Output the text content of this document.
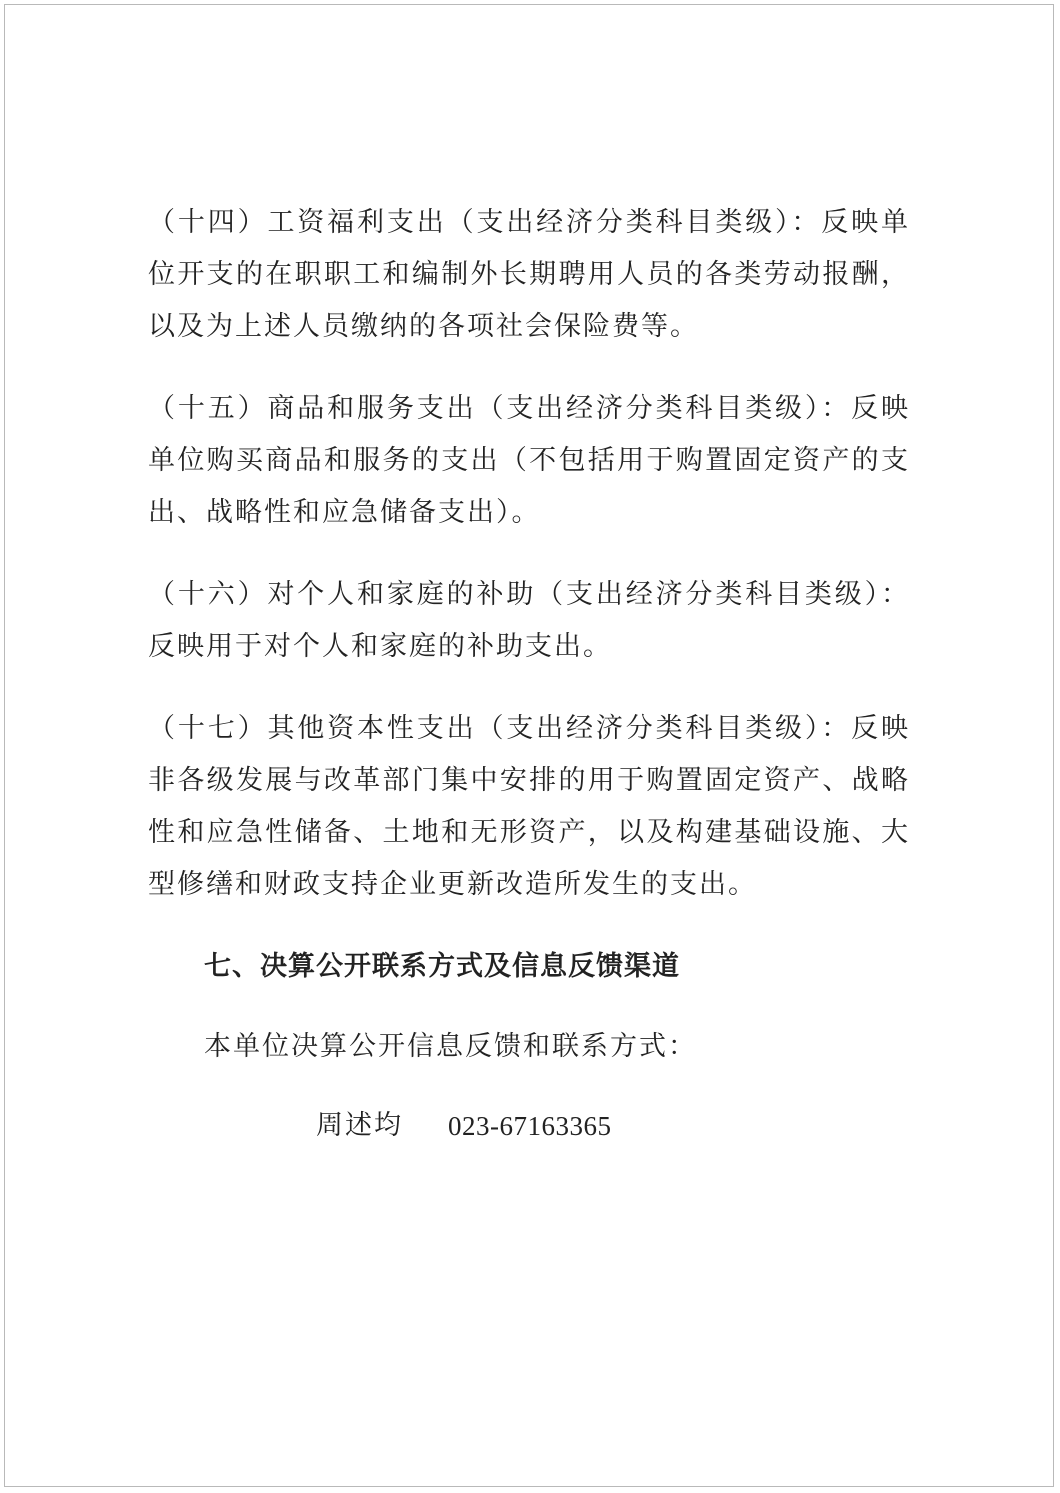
（十四）工资福利支出（支出经济分类科目类级）：反映单位开支的在职职工和编制外长期聘用人员的各类劳动报酬，以及为上述人员缴纳的各项社会保险费等。

（十五）商品和服务支出（支出经济分类科目类级）：反映单位购买商品和服务的支出（不包括用于购置固定资产的支出、战略性和应急储备支出）。

（十六）对个人和家庭的补助（支出经济分类科目类级）：反映用于对个人和家庭的补助支出。

（十七）其他资本性支出（支出经济分类科目类级）：反映非各级发展与改革部门集中安排的用于购置固定资产、战略性和应急性储备、土地和无形资产，以及构建基础设施、大型修缮和财政支持企业更新改造所发生的支出。

七、决算公开联系方式及信息反馈渠道
本单位决算公开信息反馈和联系方式：
周述均	023-67163365
